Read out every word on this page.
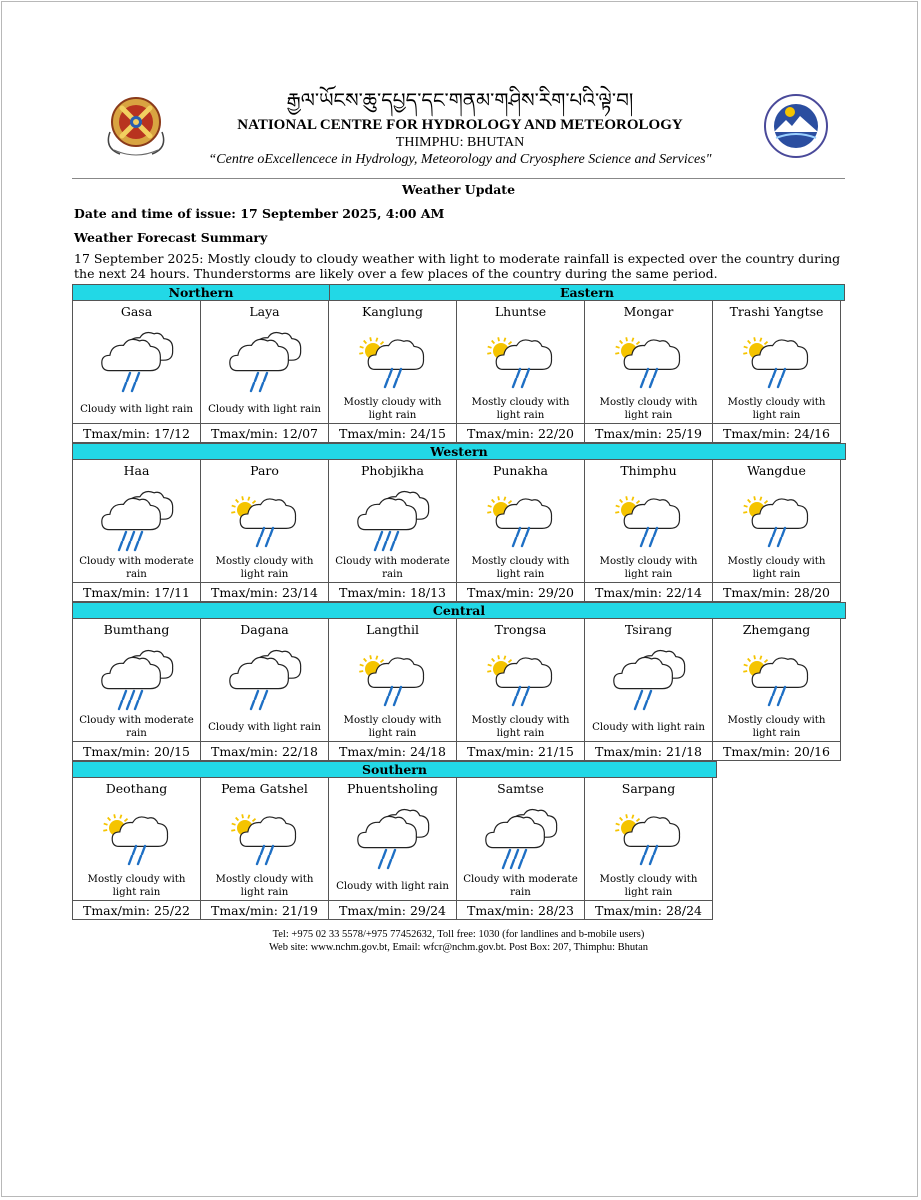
རྒྱལ་ཡོངས་ཆུ་དཔྱད་དང་གནམ་གཤིས་རིག་པའི་ལྟེ་བ།
NATIONAL CENTRE FOR HYDROLOGY AND METEOROLOGY
THIMPHU: BHUTAN
“Centre oExcellencece in Hydrology, Meteorology and Cryosphere Science and Services"
Weather Update
Date and time of issue: 17 September 2025, 4:00 AM
Weather Forecast Summary
17 September 2025: Mostly cloudy to cloudy weather with light to moderate rainfall is expected over the country during the next 24 hours. Thunderstorms are likely over a few places of the country during the same period.
Northern	Eastern
Gasa
Cloudy with light rain
Tmax/min: 17/12
Laya
Cloudy with light rain
Tmax/min: 12/07
Kanglung
Mostly cloudy with light rain
Tmax/min: 24/15
Lhuntse
Mostly cloudy with light rain
Tmax/min: 22/20
Mongar
Mostly cloudy with light rain
Tmax/min: 25/19
Trashi Yangtse
Mostly cloudy with light rain
Tmax/min: 24/16
Western
Haa
Cloudy with moderate rain
Tmax/min: 17/11
Paro
Mostly cloudy with light rain
Tmax/min: 23/14
Phobjikha
Cloudy with moderate rain
Tmax/min: 18/13
Punakha
Mostly cloudy with light rain
Tmax/min: 29/20
Thimphu
Mostly cloudy with light rain
Tmax/min: 22/14
Wangdue
Mostly cloudy with light rain
Tmax/min: 28/20
Central
Bumthang
Cloudy with moderate rain
Tmax/min: 20/15
Dagana
Cloudy with light rain
Tmax/min: 22/18
Langthil
Mostly cloudy with light rain
Tmax/min: 24/18
Trongsa
Mostly cloudy with light rain
Tmax/min: 21/15
Tsirang
Cloudy with light rain
Tmax/min: 21/18
Zhemgang
Mostly cloudy with light rain
Tmax/min: 20/16
Southern
Deothang
Mostly cloudy with light rain
Tmax/min: 25/22
Pema Gatshel
Mostly cloudy with light rain
Tmax/min: 21/19
Phuentsholing
Cloudy with light rain
Tmax/min: 29/24
Samtse
Cloudy with moderate rain
Tmax/min: 28/23
Sarpang
Mostly cloudy with light rain
Tmax/min: 28/24
Tel: +975 02 33 5578/+975 77452632, Toll free: 1030 (for landlines and b-mobile users)
Web site: www.nchm.gov.bt, Email: wfcr@nchm.gov.bt. Post Box: 207, Thimphu: Bhutan
